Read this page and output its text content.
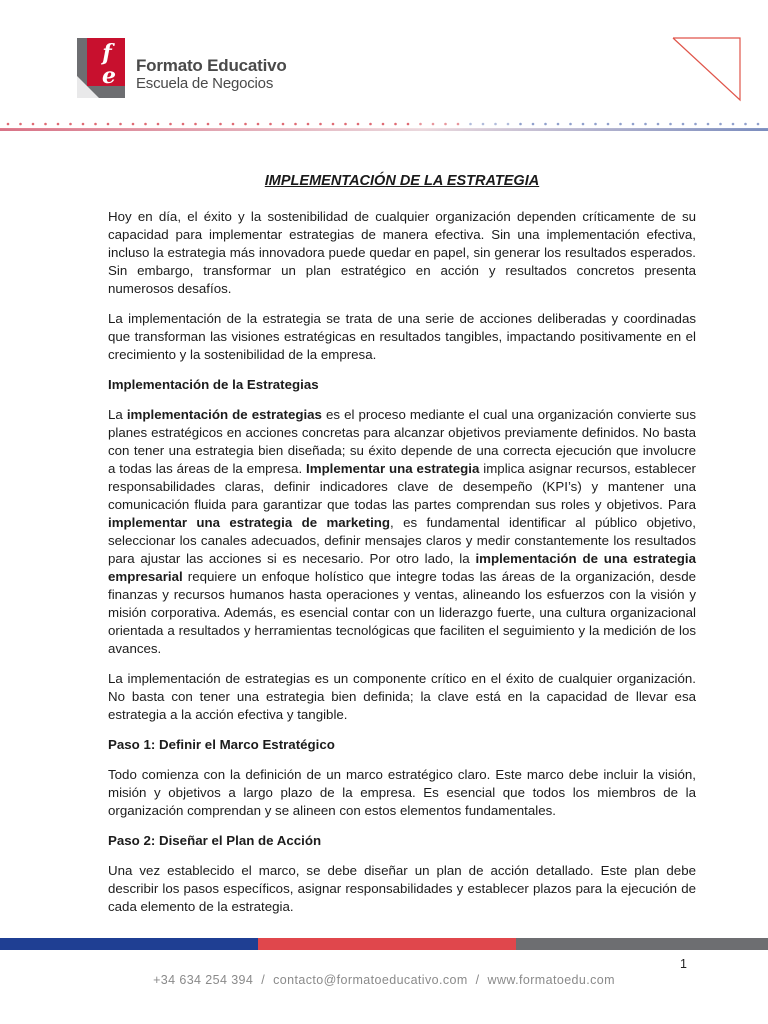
f
e Formato Educativo
Escuela de Negocios
IMPLEMENTACIÓN DE LA ESTRATEGIA

Hoy en día, el éxito y la sostenibilidad de cualquier organización dependen críticamente de su capacidad para implementar estrategias de manera efectiva. Sin una implementación efectiva, incluso la estrategia más innovadora puede quedar en papel, sin generar los resultados esperados. Sin embargo, transformar un plan estratégico en acción y resultados concretos presenta numerosos desafíos.

La implementación de la estrategia se trata de una serie de acciones deliberadas y coordinadas que transforman las visiones estratégicas en resultados tangibles, impactando positivamente en el crecimiento y la sostenibilidad de la empresa.

Implementación de la Estrategias

La implementación de estrategias es el proceso mediante el cual una organización convierte sus planes estratégicos en acciones concretas para alcanzar objetivos previamente definidos. No basta con tener una estrategia bien diseñada; su éxito depende de una correcta ejecución que involucre a todas las áreas de la empresa. Implementar una estrategia implica asignar recursos, establecer responsabilidades claras, definir indicadores clave de desempeño (KPI’s) y mantener una comunicación fluida para garantizar que todas las partes comprendan sus roles y objetivos. Para implementar una estrategia de marketing, es fundamental identificar al público objetivo, seleccionar los canales adecuados, definir mensajes claros y medir constantemente los resultados para ajustar las acciones si es necesario. Por otro lado, la implementación de una estrategia empresarial requiere un enfoque holístico que integre todas las áreas de la organización, desde finanzas y recursos humanos hasta operaciones y ventas, alineando los esfuerzos con la visión y misión corporativa. Además, es esencial contar con un liderazgo fuerte, una cultura organizacional orientada a resultados y herramientas tecnológicas que faciliten el seguimiento y la medición de los avances.

La implementación de estrategias es un componente crítico en el éxito de cualquier organización. No basta con tener una estrategia bien definida; la clave está en la capacidad de llevar esa estrategia a la acción efectiva y tangible.

Paso 1: Definir el Marco Estratégico

Todo comienza con la definición de un marco estratégico claro. Este marco debe incluir la visión, misión y objetivos a largo plazo de la empresa. Es esencial que todos los miembros de la organización comprendan y se alineen con estos elementos fundamentales.

Paso 2: Diseñar el Plan de Acción

Una vez establecido el marco, se debe diseñar un plan de acción detallado. Este plan debe describir los pasos específicos, asignar responsabilidades y establecer plazos para la ejecución de cada elemento de la estrategia.

1
+34 634 254 394 / contacto@formatoeducativo.com / www.formatoedu.com
